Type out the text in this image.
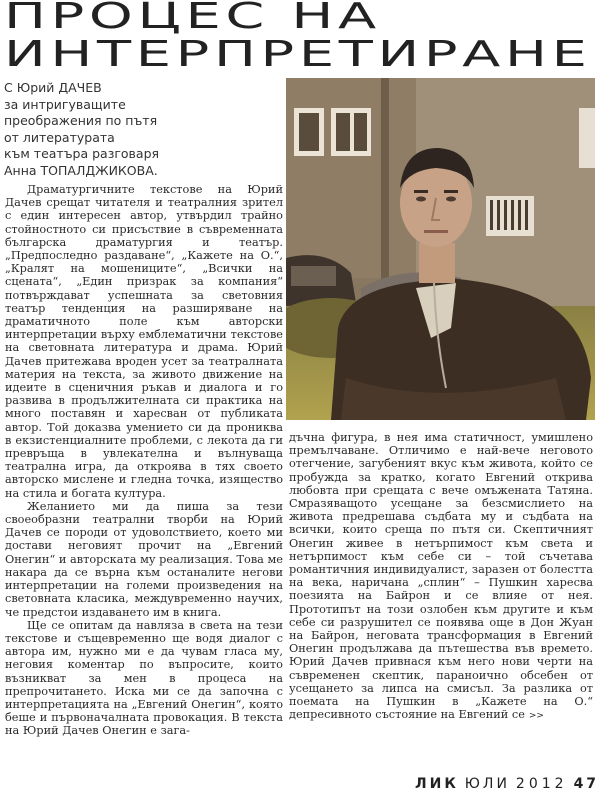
ПРОЦЕС НА
ИНТЕРПРЕТИРАНЕ
С Юрий ДАЧЕВ
за интригуващите
преображения по пътя
от литературата
към театъра разговаря
Анна ТОПАЛДЖИКОВА.

Драматургичните текстове на Юрий Дачев срещат читателя и театралния зрител с един интересен автор, утвърдил трайно стойностното си присъствие в съвременната българска драматургия и театър. „Предпоследно раздаване“, „Кажете на О.“, „Кралят на мошениците“, „Всички на сцената“, „Един призрак за компания“ потвърждават успешната за световния театър тенденция на разширяване на драматичното поле към авторски интерпретации върху емблематични текстове на световната литература и драма. Юрий Дачев притежава вроден усет за театралната материя на текста, за живото движение на идеите в сценичния ръкав и диалога и го развива в продължителната си практика на много поставян и харесван от публиката автор. Той доказва умението си да прониква в екзистенциалните проблеми, с лекота да ги превръща в увлекателна и вълнуваща театрална игра, да откроява в тях своето авторско мислене и гледна точка, изящество на стила и богата култура.

Желанието ми да пиша за тези своеобразни театрални творби на Юрий Дачев се породи от удоволствието, което ми достави неговият прочит на „Евгений Онегин“ и авторската му реализация. Това ме накара да се върна към останалите негови интерпретации на големи произведения на световната класика, междувременно научих, че предстои издаването им в книга.

Ще се опитам да навляза в света на тези текстове и същевременно ще водя диалог с автора им, нужно ми е да чувам гласа му, неговия коментар по въпросите, които възникват за мен в процеса на препрочитането. Иска ми се да започна с интерпретацията на „Евгений Онегин“, която беше и първоначалната провокация. В текста на Юрий Дачев Онегин е зага-

дъчна фигура, в нея има статичност, умишлено премълчаване. Отличимо е най-вече неговото отегчение, загубеният вкус към живота, който се пробужда за кратко, когато Евгений открива любовта при срещата с вече омъжената Татяна. Смразяващото усещане за безсмислието на живота предрешава съдбата му и съдбата на всички, които среща по пътя си. Скептичният Онегин живее в нетърпимост към света и нетърпимост към себе си – той съчетава романтичния индивидуалист, заразен от болестта на века, наричана „сплин“ – Пушкин харесва поезията на Байрон и се влияе от нея. Прототипът на този озлобен към другите и към себе си разрушител се появява още в Дон Жуан на Байрон, неговата трансформация в Евгений Онегин продължава да пътешества във времето. Юрий Дачев привнася към него нови черти на съвременен скептик, параноично обсебен от усещането за липса на смисъл. За разлика от поемата на Пушкин в „Кажете на О.“ депресивното състояние на Евгений се >>

ЛИК ЮЛИ 2012 47
